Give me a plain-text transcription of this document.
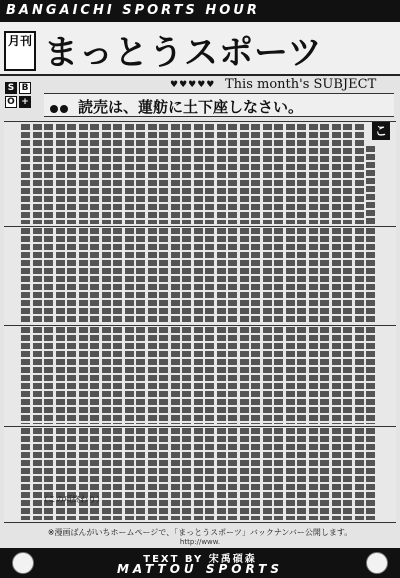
BANGAICHI SPORTS HOUR
月刊 まっとうスポーツ
S B
O +
♥♥♥♥♥ This month's SUBJECT
読売は、蓮舫に土下座しなさい。
こ
（この項終わり）
※漫画ばんがいちホームページで、「まっとうスポーツ」バックナンバー公開します。
http://www.
TEXT BY 宋禹碩森
MATTOU SPORTS
